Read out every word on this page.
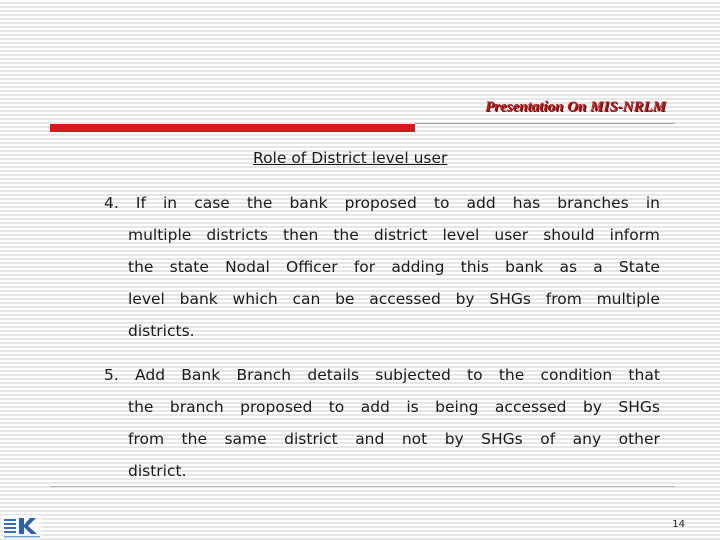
Presentation On MIS-NRLM
Role of District level user
4. If in case the bank proposed to add has branches in
multiple districts then the district level user should inform
the state Nodal Officer for adding this bank as a State
level bank which can be accessed by SHGs from multiple
districts.
5. Add Bank Branch details subjected to the condition that
the branch proposed to add is being accessed by SHGs
from the same district and not by SHGs of any other
district.
14
